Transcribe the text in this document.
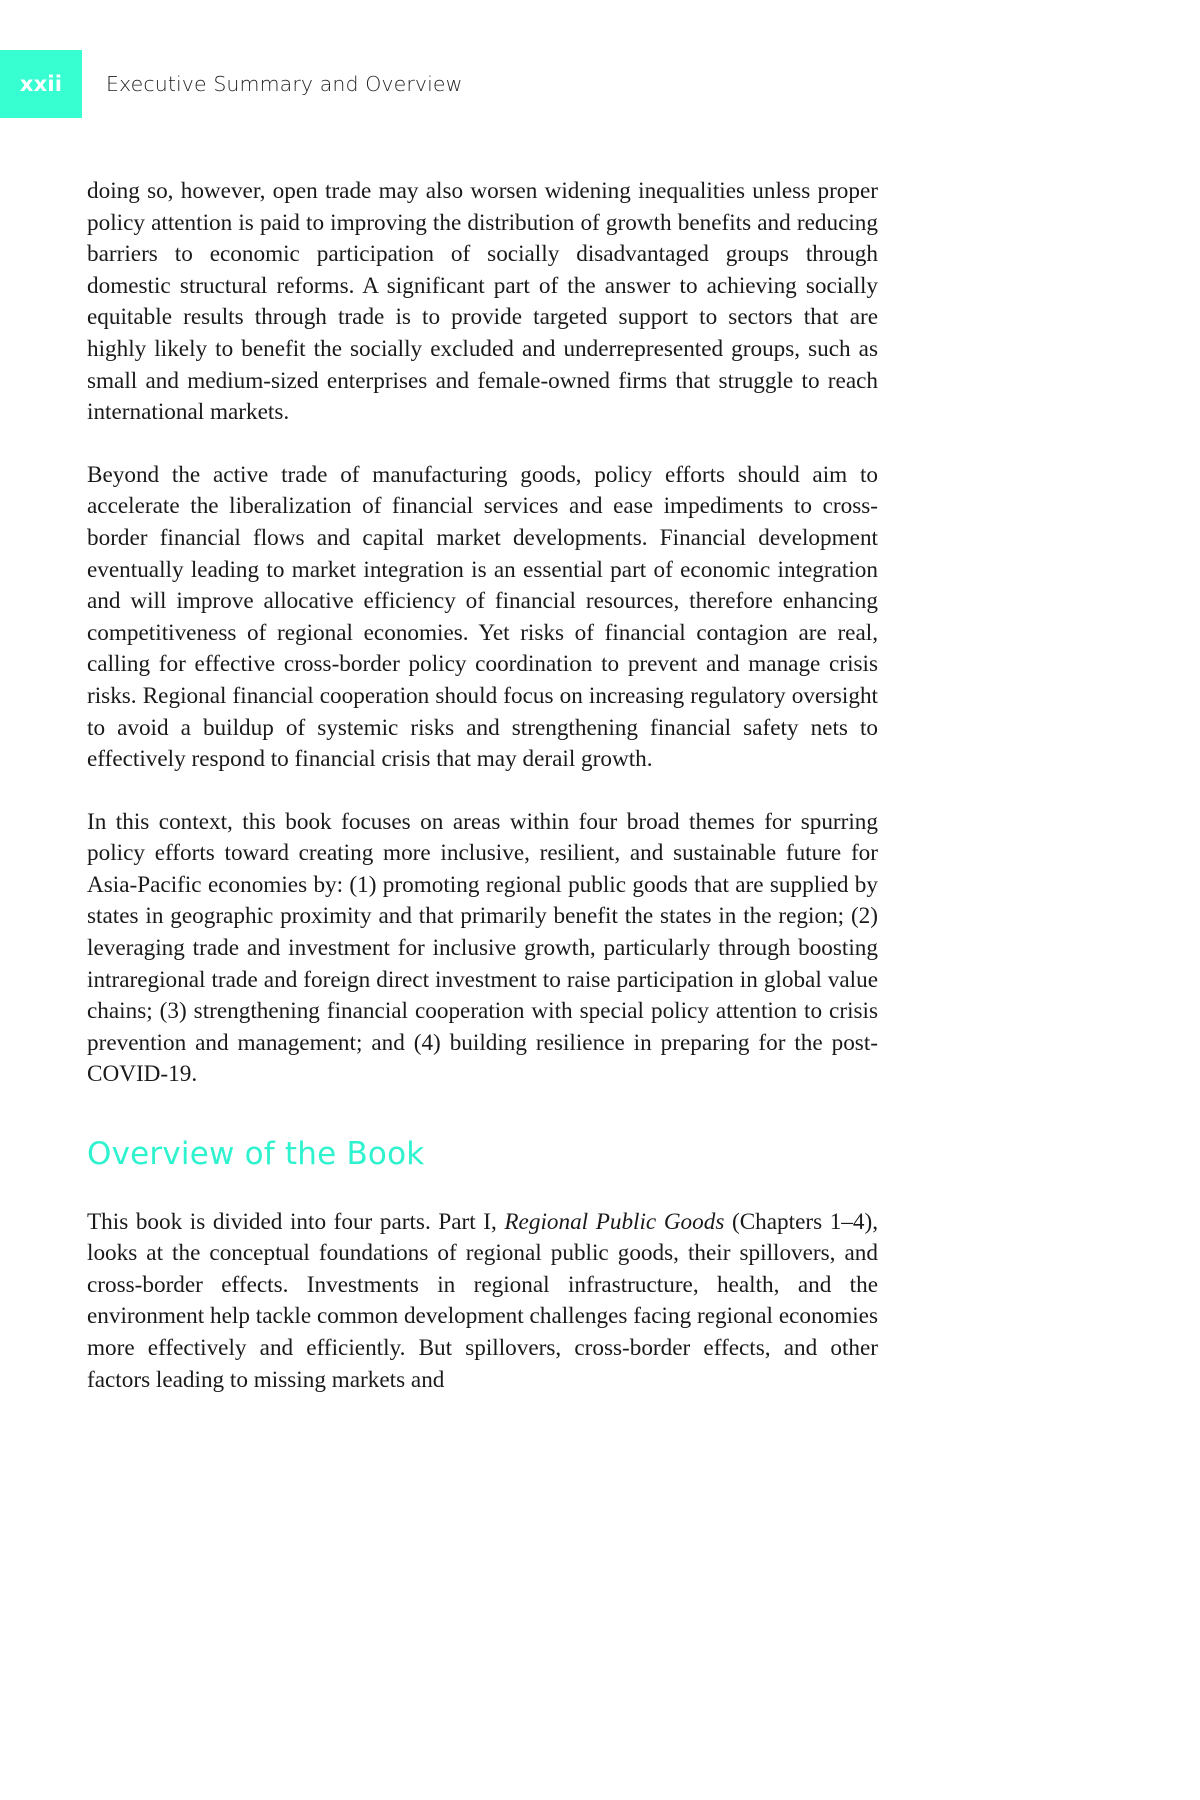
xxii	Executive Summary and Overview

doing so, however, open trade may also worsen widening inequalities unless proper policy attention is paid to improving the distribution of growth benefits and reducing barriers to economic participation of socially disadvantaged groups through domestic structural reforms. A significant part of the answer to achieving socially equitable results through trade is to provide targeted support to sectors that are highly likely to benefit the socially excluded and underrepresented groups, such as small and medium-sized enterprises and female-owned firms that struggle to reach international markets.

Beyond the active trade of manufacturing goods, policy efforts should aim to accelerate the liberalization of financial services and ease impediments to cross-border financial flows and capital market developments. Financial development eventually leading to market integration is an essential part of economic integration and will improve allocative efficiency of financial resources, therefore enhancing competitiveness of regional economies. Yet risks of financial contagion are real, calling for effective cross-border policy coordination to prevent and manage crisis risks. Regional financial cooperation should focus on increasing regulatory oversight to avoid a buildup of systemic risks and strengthening financial safety nets to effectively respond to financial crisis that may derail growth.

In this context, this book focuses on areas within four broad themes for spurring policy efforts toward creating more inclusive, resilient, and sustainable future for Asia-Pacific economies by: (1) promoting regional public goods that are supplied by states in geographic proximity and that primarily benefit the states in the region; (2) leveraging trade and investment for inclusive growth, particularly through boosting intraregional trade and foreign direct investment to raise participation in global value chains; (3) strengthening financial cooperation with special policy attention to crisis prevention and management; and (4) building resilience in preparing for the post-COVID-19.

Overview of the Book

This book is divided into four parts. Part I, Regional Public Goods (Chapters 1–4), looks at the conceptual foundations of regional public goods, their spillovers, and cross-border effects. Investments in regional infrastructure, health, and the environment help tackle common development challenges facing regional economies more effectively and efficiently. But spillovers, cross-border effects, and other factors leading to missing markets and
